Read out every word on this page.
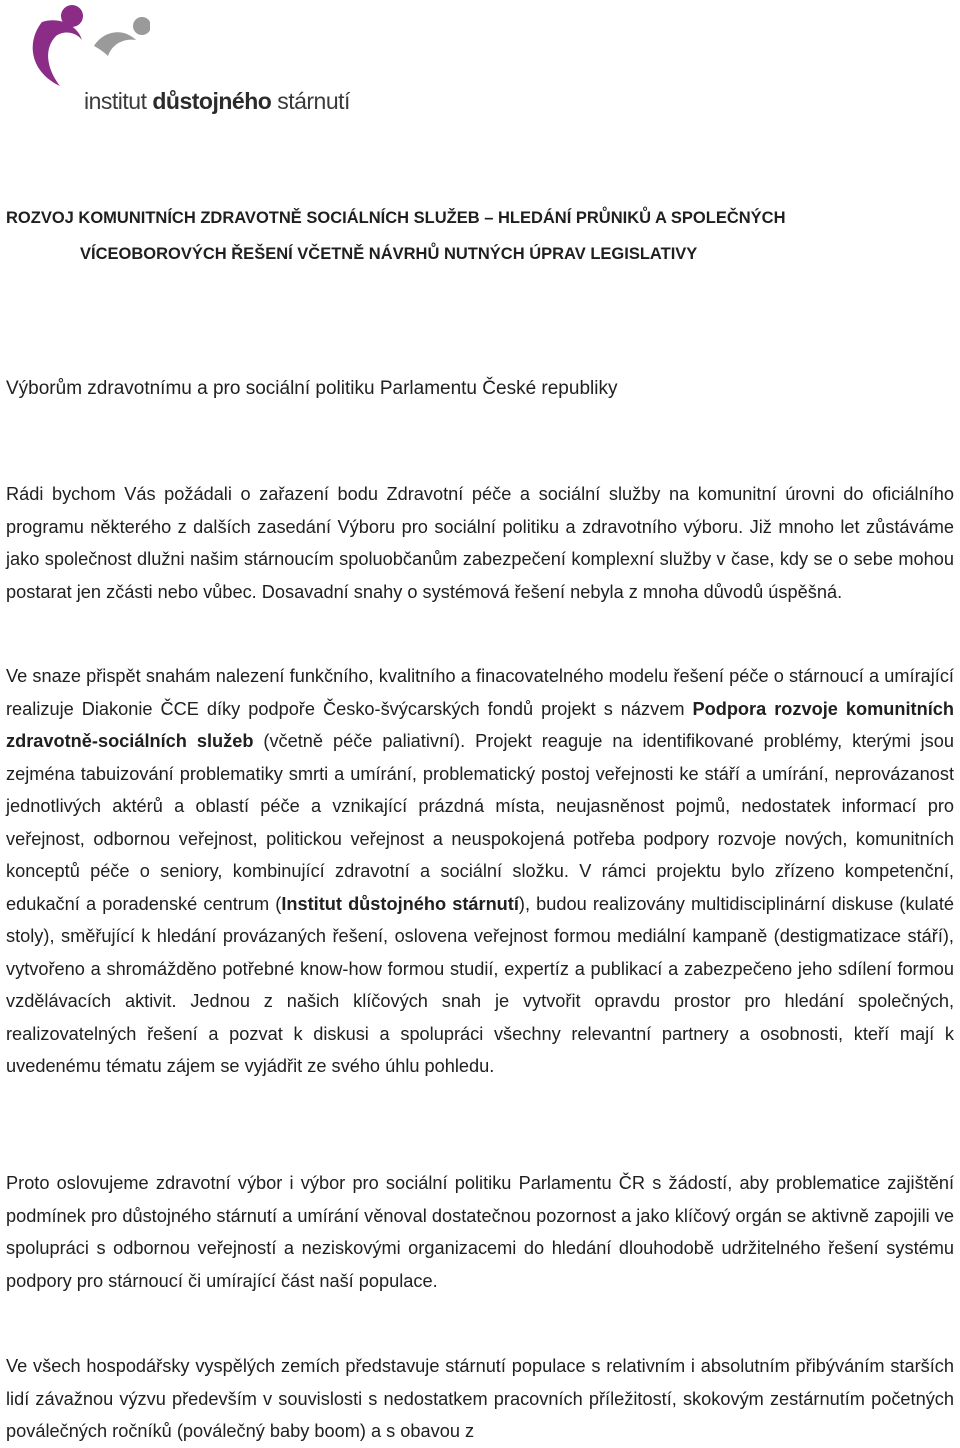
institut důstojného stárnutí

ROZVOJ KOMUNITNÍCH ZDRAVOTNĚ SOCIÁLNÍCH SLUŽEB – HLEDÁNÍ PRŮNIKŮ A SPOLEČNÝCH

VÍCEOBOROVÝCH ŘEŠENÍ VČETNĚ NÁVRHŮ NUTNÝCH ÚPRAV LEGISLATIVY

Výborům zdravotnímu a pro sociální politiku Parlamentu České republiky

Rádi bychom Vás požádali o zařazení bodu Zdravotní péče a sociální služby na komunitní úrovni do oficiálního programu některého z dalších zasedání Výboru pro sociální politiku a zdravotního výboru. Již mnoho let zůstáváme jako společnost dlužni našim stárnoucím spoluobčanům zabezpečení komplexní služby v čase, kdy se o sebe mohou postarat jen zčásti nebo vůbec. Dosavadní snahy o systémová řešení nebyla z mnoha důvodů úspěšná.

Ve snaze přispět snahám nalezení funkčního, kvalitního a finacovatelného modelu řešení péče o stárnoucí a umírající realizuje Diakonie ČCE díky podpoře Česko-švýcarských fondů projekt s názvem Podpora rozvoje komunitních zdravotně-sociálních služeb (včetně péče paliativní). Projekt reaguje na identifikované problémy, kterými jsou zejména tabuizování problematiky smrti a umírání, problematický postoj veřejnosti ke stáří a umírání, neprovázanost jednotlivých aktérů a oblastí péče a vznikající prázdná místa, neujasněnost pojmů, nedostatek informací pro veřejnost, odbornou veřejnost, politickou veřejnost a neuspokojená potřeba podpory rozvoje nových, komunitních konceptů péče o seniory, kombinující zdravotní a sociální složku. V rámci projektu bylo zřízeno kompetenční, edukační a poradenské centrum (Institut důstojného stárnutí), budou realizovány multidisciplinární diskuse (kulaté stoly), směřující k hledání provázaných řešení, oslovena veřejnost formou mediální kampaně (destigmatizace stáří), vytvořeno a shromážděno potřebné know-how formou studií, expertíz a publikací a zabezpečeno jeho sdílení formou vzdělávacích aktivit. Jednou z našich klíčových snah je vytvořit opravdu prostor pro hledání společných, realizovatelných řešení a pozvat k diskusi a spolupráci všechny relevantní partnery a osobnosti, kteří mají k uvedenému tématu zájem se vyjádřit ze svého úhlu pohledu.

Proto oslovujeme zdravotní výbor i výbor pro sociální politiku Parlamentu ČR s žádostí, aby problematice zajištění podmínek pro důstojného stárnutí a umírání věnoval dostatečnou pozornost a jako klíčový orgán se aktivně zapojili ve spolupráci s odbornou veřejností a neziskovými organizacemi do hledání dlouhodobě udržitelného řešení systému podpory pro stárnoucí či umírající část naší populace.

Ve všech hospodářsky vyspělých zemích představuje stárnutí populace s relativním i absolutním přibýváním starších lidí závažnou výzvu především v souvislosti s nedostatkem pracovních příležitostí, skokovým zestárnutím početných poválečných ročníků (poválečný baby boom) a s obavou z
